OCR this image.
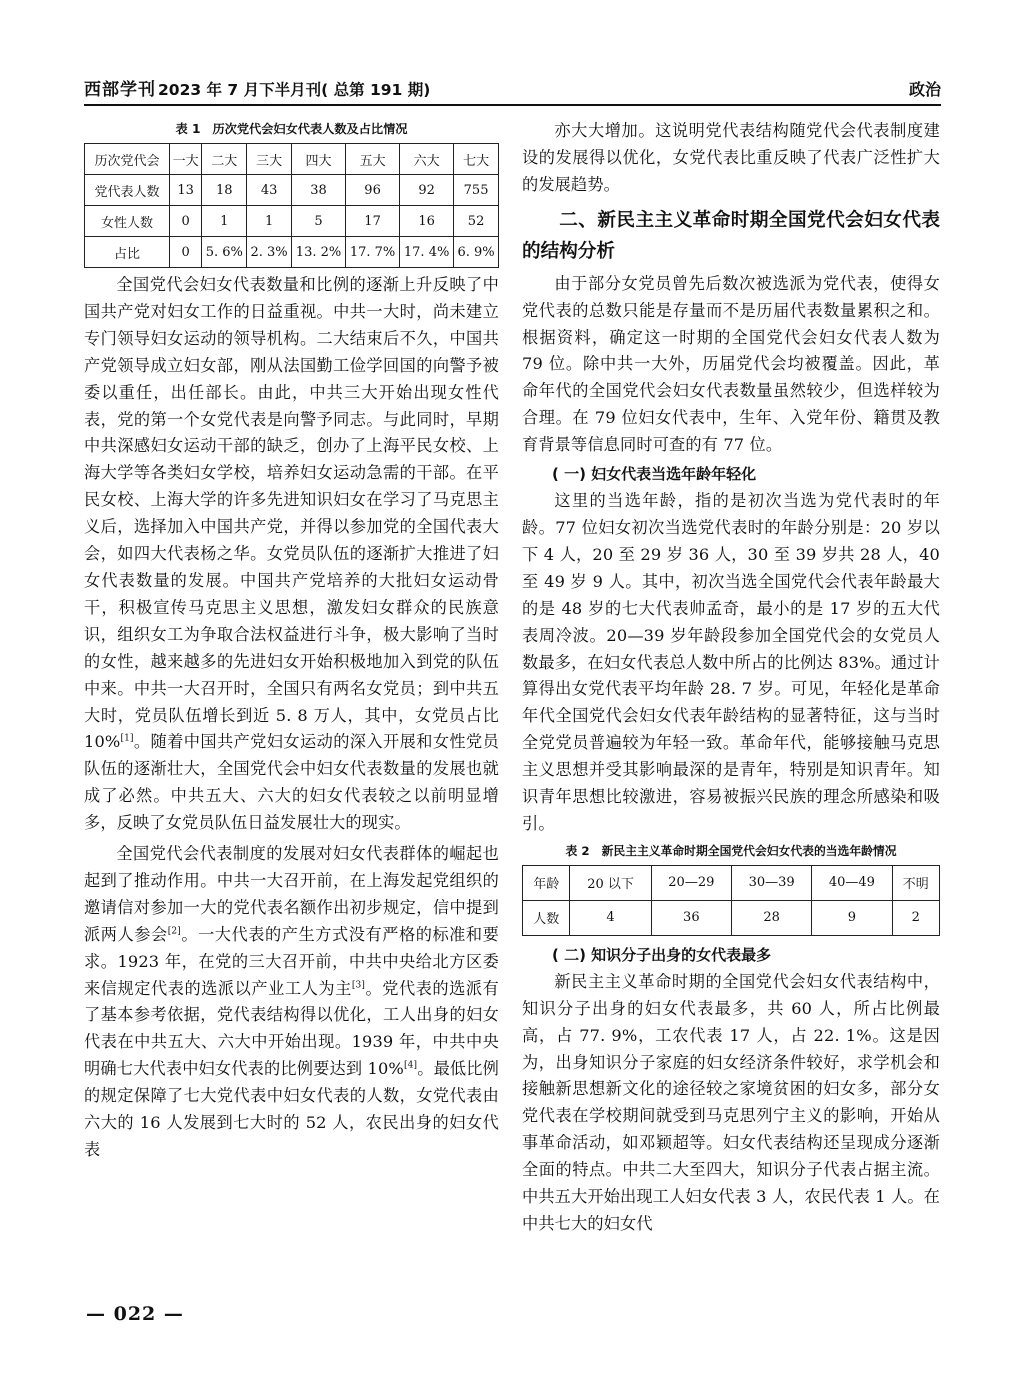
西部学刊 2023 年 7 月下半月刊( 总第 191 期)	政治
表 1 历次党代会妇女代表人数及占比情况
历次党代会	一大	二大	三大	四大	五大	六大	七大
党代表人数	13	18	43	38	96	92	755
女性人数	0	1	1	5	17	16	52
占比	0	5. 6%	2. 3%	13. 2%	17. 7%	17. 4%	6. 9%

全国党代会妇女代表数量和比例的逐渐上升反映了中国共产党对妇女工作的日益重视。中共一大时，尚未建立专门领导妇女运动的领导机构。二大结束后不久，中国共产党领导成立妇女部，刚从法国勤工俭学回国的向警予被委以重任，出任部长。由此，中共三大开始出现女性代表，党的第一个女党代表是向警予同志。与此同时，早期中共深感妇女运动干部的缺乏，创办了上海平民女校、上海大学等各类妇女学校，培养妇女运动急需的干部。在平民女校、上海大学的许多先进知识妇女在学习了马克思主义后，选择加入中国共产党，并得以参加党的全国代表大会，如四大代表杨之华。女党员队伍的逐渐扩大推进了妇女代表数量的发展。中国共产党培养的大批妇女运动骨干，积极宣传马克思主义思想，激发妇女群众的民族意识，组织女工为争取合法权益进行斗争，极大影响了当时的女性，越来越多的先进妇女开始积极地加入到党的队伍中来。中共一大召开时，全国只有两名女党员；到中共五大时，党员队伍增长到近 5. 8 万人，其中，女党员占比 10%[1]。随着中国共产党妇女运动的深入开展和女性党员队伍的逐渐壮大，全国党代会中妇女代表数量的发展也就成了必然。中共五大、六大的妇女代表较之以前明显增多，反映了女党员队伍日益发展壮大的现实。

全国党代会代表制度的发展对妇女代表群体的崛起也起到了推动作用。中共一大召开前，在上海发起党组织的邀请信对参加一大的党代表名额作出初步规定，信中提到派两人参会[2]。一大代表的产生方式没有严格的标准和要求。1923 年，在党的三大召开前，中共中央给北方区委来信规定代表的选派以产业工人为主[3]。党代表的选派有了基本参考依据，党代表结构得以优化，工人出身的妇女代表在中共五大、六大中开始出现。1939 年，中共中央明确七大代表中妇女代表的比例要达到 10%[4]。最低比例的规定保障了七大党代表中妇女代表的人数，女党代表由六大的 16 人发展到七大时的 52 人，农民出身的妇女代表

亦大大增加。这说明党代表结构随党代会代表制度建设的发展得以优化，女党代表比重反映了代表广泛性扩大的发展趋势。

二、新民主主义革命时期全国党代会妇女代表的结构分析

由于部分女党员曾先后数次被选派为党代表，使得女党代表的总数只能是存量而不是历届代表数量累积之和。根据资料，确定这一时期的全国党代会妇女代表人数为 79 位。除中共一大外，历届党代会均被覆盖。因此，革命年代的全国党代会妇女代表数量虽然较少，但选样较为合理。在 79 位妇女代表中，生年、入党年份、籍贯及教育背景等信息同时可查的有 77 位。

( 一) 妇女代表当选年龄年轻化

这里的当选年龄，指的是初次当选为党代表时的年龄。77 位妇女初次当选党代表时的年龄分别是：20 岁以下 4 人，20 至 29 岁 36 人，30 至 39 岁共 28 人，40 至 49 岁 9 人。其中，初次当选全国党代会代表年龄最大的是 48 岁的七大代表帅孟奇，最小的是 17 岁的五大代表周冷波。20—39 岁年龄段参加全国党代会的女党员人数最多，在妇女代表总人数中所占的比例达 83%。通过计算得出女党代表平均年龄 28. 7 岁。可见，年轻化是革命年代全国党代会妇女代表年龄结构的显著特征，这与当时全党党员普遍较为年轻一致。革命年代，能够接触马克思主义思想并受其影响最深的是青年，特别是知识青年。知识青年思想比较激进，容易被振兴民族的理念所感染和吸引。

表 2 新民主主义革命时期全国党代会妇女代表的当选年龄情况
年龄	20 以下	20—29	30—39	40—49	不明
人数	4	36	28	9	2
( 二) 知识分子出身的女代表最多

新民主主义革命时期的全国党代会妇女代表结构中，知识分子出身的妇女代表最多，共 60 人，所占比例最高，占 77. 9%，工农代表 17 人，占 22. 1%。这是因为，出身知识分子家庭的妇女经济条件较好，求学机会和接触新思想新文化的途径较之家境贫困的妇女多，部分女党代表在学校期间就受到马克思列宁主义的影响，开始从事革命活动，如邓颖超等。妇女代表结构还呈现成分逐渐全面的特点。中共二大至四大，知识分子代表占据主流。中共五大开始出现工人妇女代表 3 人，农民代表 1 人。在中共七大的妇女代

— 022 —
